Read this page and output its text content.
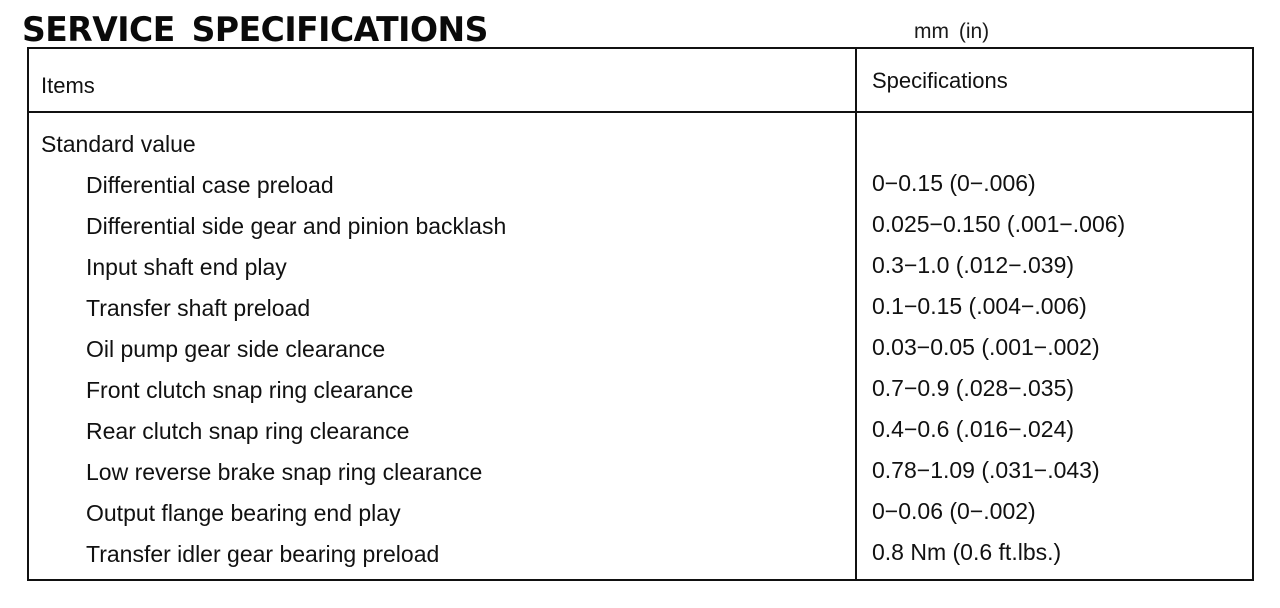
SERVICE SPECIFICATIONS	mm (in)
Items	Specifications
Standard value
Differential case preload	0−0.15 (0−.006)
Differential side gear and pinion backlash	0.025−0.150 (.001−.006)
Input shaft end play	0.3−1.0 (.012−.039)
Transfer shaft preload	0.1−0.15 (.004−.006)
Oil pump gear side clearance	0.03−0.05 (.001−.002)
Front clutch snap ring clearance	0.7−0.9 (.028−.035)
Rear clutch snap ring clearance	0.4−0.6 (.016−.024)
Low reverse brake snap ring clearance	0.78−1.09 (.031−.043)
Output flange bearing end play	0−0.06 (0−.002)
Transfer idler gear bearing preload	0.8 Nm (0.6 ft.lbs.)
